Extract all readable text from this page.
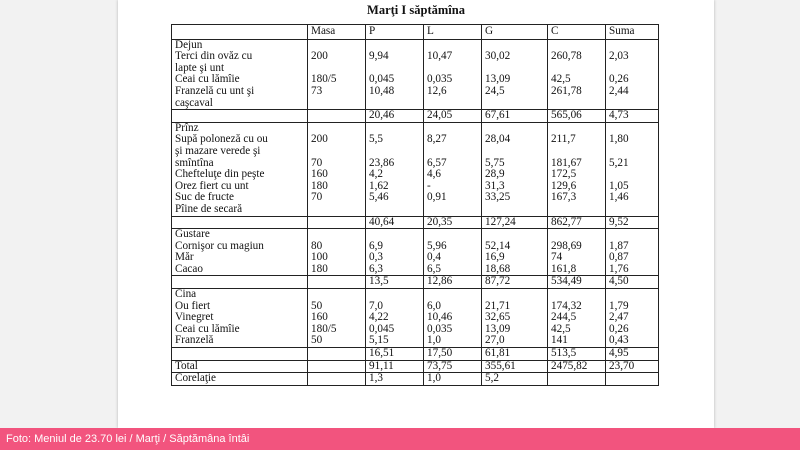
Marţi I săptămîna
	Masa	P	L	G	C	Suma
Dejun						
Terci din ovăz cu	200	9,94	10,47	30,02	260,78	2,03
lapte şi unt						
Ceai cu lămîie	180/5	0,045	0,035	13,09	42,5	0,26
Franzelă cu unt şi	73	10,48	12,6	24,5	261,78	2,44
caşcaval						
		20,46	24,05	67,61	565,06	4,73
Prînz						
Supă poloneză cu ou	200	5,5	8,27	28,04	211,7	1,80
şi mazare verede şi						
smîntîna	70	23,86	6,57	5,75	181,67	5,21
Chefteluţe din peşte	160	4,2	4,6	28,9	172,5	
Orez fiert cu unt	180	1,62	-	31,3	129,6	1,05
Suc de fructe	70	5,46	0,91	33,25	167,3	1,46
Pîine de secară						
		40,64	20,35	127,24	862,77	9,52
Gustare						
Cornişor cu magiun	80	6,9	5,96	52,14	298,69	1,87
Măr	100	0,3	0,4	16,9	74	0,87
Cacao	180	6,3	6,5	18,68	161,8	1,76
		13,5	12,86	87,72	534,49	4,50
Cina						
Ou fiert	50	7,0	6,0	21,71	174,32	1,79
Vinegret	160	4,22	10,46	32,65	244,5	2,47
Ceai cu lămîie	180/5	0,045	0,035	13,09	42,5	0,26
Franzelă	50	5,15	1,0	27,0	141	0,43
		16,51	17,50	61,81	513,5	4,95
Total		91,11	73,75	355,61	2475,82	23,70
Corelaţie		1,3	1,0	5,2		
Foto: Meniul de 23.70 lei / Marţi / Săptămâna întâi
